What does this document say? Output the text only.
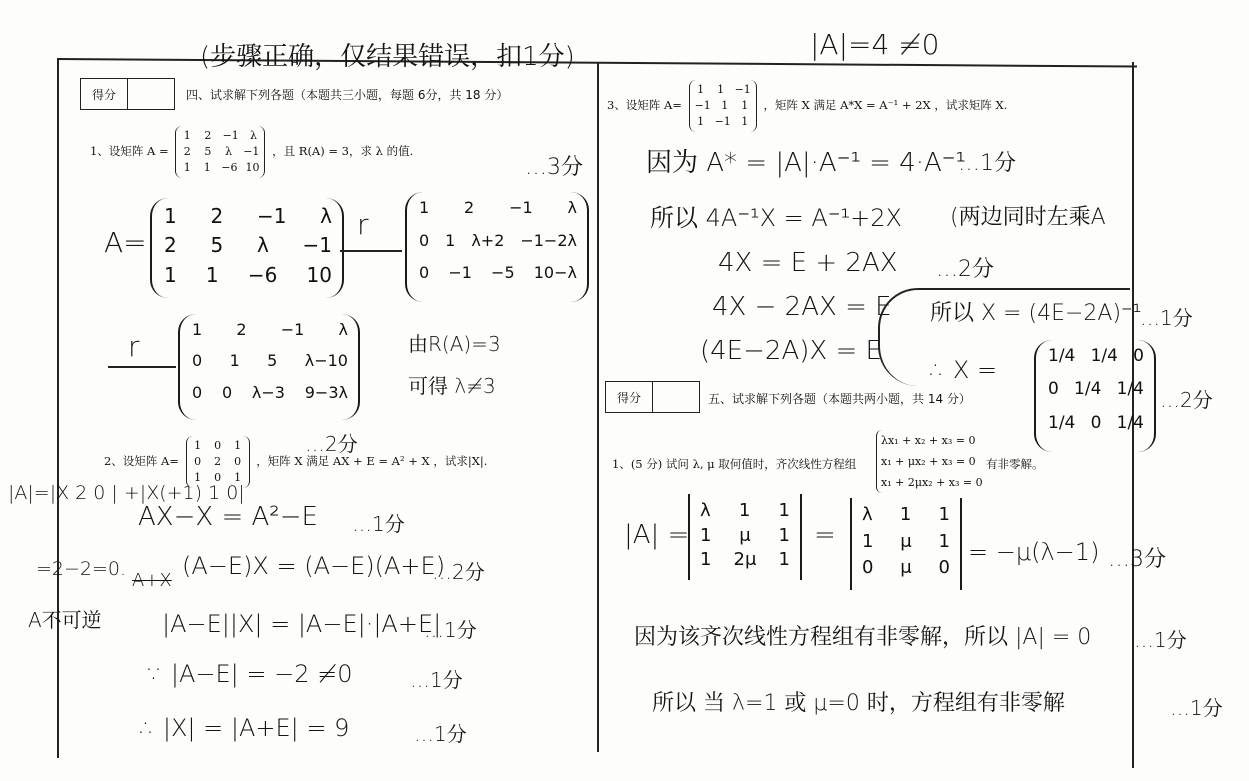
(步骤正确，仅结果错误，扣1分)	|A|=4 ≠0
得分	四、试求解下列各题（本题共三小题，每题 6分，共 18 分）
1、设矩阵 A =
1 2 −1 λ
2 5 λ −1
1 1 −6 10
，且 R(A) = 3，求 λ 的值.
…3分
A=
1 2 −1 λ
2 5 λ −1
1 1 −6 10
r
1 2 −1 λ
0 1 λ+2 −1−2λ
0 −1 −5 10−λ
r
1 2 −1 λ
0 1 5 λ−10
0 0 λ−3 9−3λ
由R(A)=3
可得 λ≠3
…2分
2、设矩阵 A=
1 0 1
0 2 0
1 0 1
，矩阵 X 满足 AX + E = A² + X ，试求|X|.
|A|=|X 2 0 | +|X(+1) 1 0|
=2−2=0.
A不可逆
AX−X = A²−E …1分
A+X
(A−E)X = (A−E)(A+E)
…2分
|A−E||X| = |A−E|·|A+E|
…1分
∵ |A−E| = −2 ≠0	…1分
∴ |X| = |A+E| = 9	…1分
3、设矩阵 A=
1 1 −1
−1 1 1
1 −1 1
，矩阵 X 满足 A*X = A⁻¹ + 2X ，试求矩阵 X.
因为 A* = |A|·A⁻¹ = 4·A⁻¹
…1分
所以 4A⁻¹X = A⁻¹+2X (两边同时左乘A
4X = E + 2AX …2分
4X − 2AX = E
(4E−2A)X = E
所以 X = (4E−2A)⁻¹
…1分
∴ X =	1/4 1/4 0
0 1/4 1/4
1/4 0 1/4
…2分
得分	五、试求解下列各题（本题共两小题，共 14 分）
1、(5 分) 试问 λ, μ 取何值时，齐次线性方程组
λx₁ + x₂ + x₃ = 0
x₁ + μx₂ + x₃ = 0
x₁ + 2μx₂ + x₃ = 0
有非零解。
|A| =
λ 1 1
1 μ 1
1 2μ 1
=
λ 1 1
1 μ 1
0 μ 0
= −μ(λ−1) …3分
因为该齐次线性方程组有非零解，所以 |A| = 0 …1分
所以 当 λ=1 或 μ=0 时，方程组有非零解	…1分
